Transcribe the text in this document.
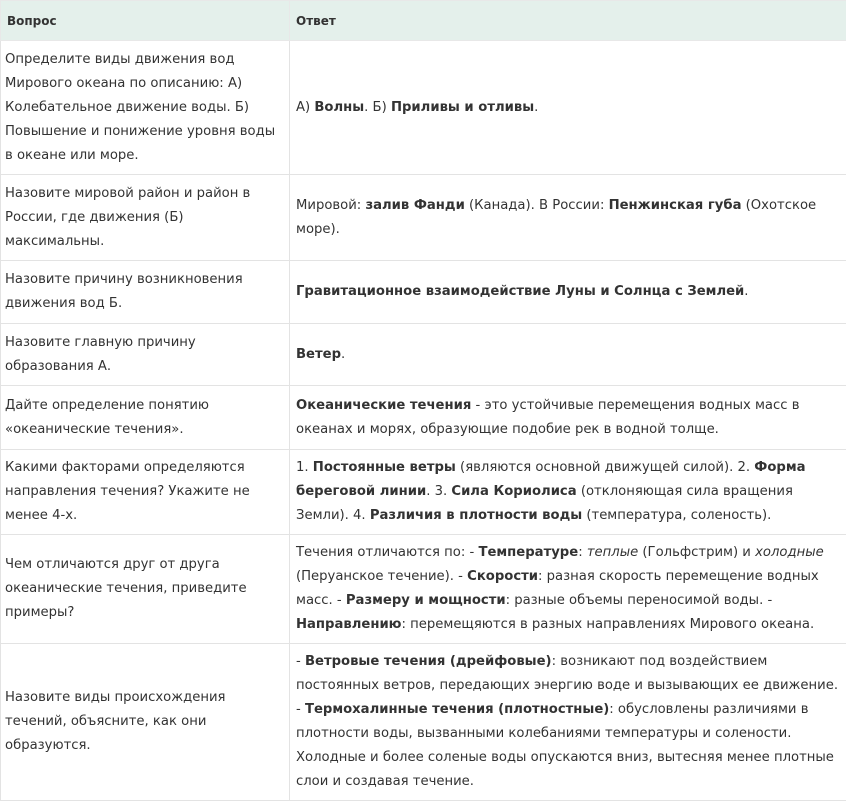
Вопрос	Ответ
Определите виды движения вод Мирового океана по описанию: А) Колебательное движение воды. Б) Повышение и понижение уровня воды в океане или море.	А) Волны. Б) Приливы и отливы.
Назовите мировой район и район в России, где движения (Б) максимальны.	Мировой: залив Фанди (Канада). В России: Пенжинская губа (Охотское море).
Назовите причину возникновения движения вод Б.	Гравитационное взаимодействие Луны и Солнца с Землей.
Назовите главную причину образования А.	Ветер.
Дайте определение понятию «океанические течения».	Океанические течения - это устойчивые перемещения водных масс в океанах и морях, образующие подобие рек в водной толще.
Какими факторами определяются направления течения? Укажите не менее 4-х.	1. Постоянные ветры (являются основной движущей силой). 2. Форма береговой линии. 3. Сила Кориолиса (отклоняющая сила вращения Земли). 4. Различия в плотности воды (температура, соленость).
Чем отличаются друг от друга океанические течения, приведите примеры?	Течения отличаются по: - Температуре: теплые (Гольфстрим) и холодные (Перуанское течение). - Скорости: разная скорость перемещение водных масс. - Размеру и мощности: разные объемы переносимой воды. - Направлению: перемещяются в разных направлениях Мирового океана.
Назовите виды происхождения течений, объясните, как они образуются.	- Ветровые течения (дрейфовые): возникают под воздействием постоянных ветров, передающих энергию воде и вызывающих ее движение. - Термохалинные течения (плотностные): обусловлены различиями в плотности воды, вызванными колебаниями температуры и солености. Холодные и более соленые воды опускаются вниз, вытесняя менее плотные слои и создавая течение.
